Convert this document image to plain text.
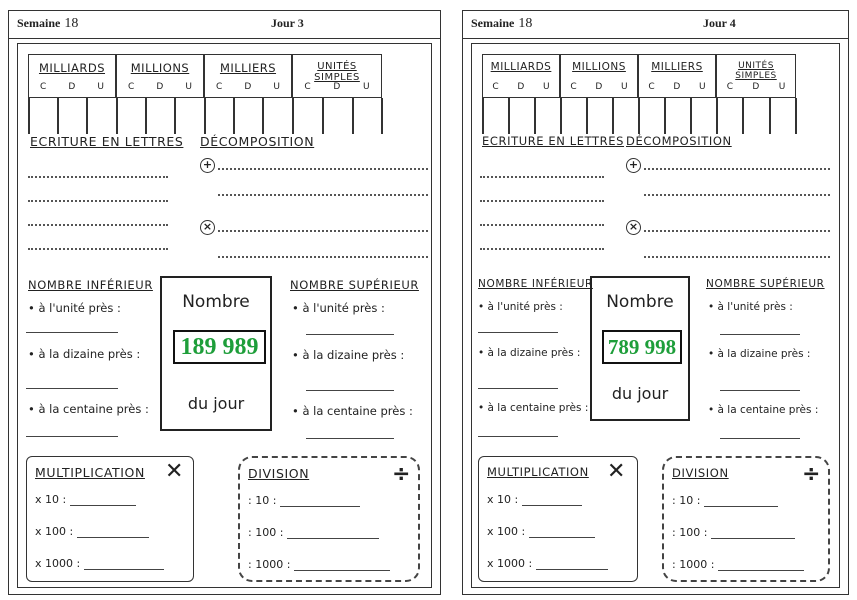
Semaine 18	Jour 3
MILLIARDS
C D U
MILLIONS
C D U
MILLIERS
C D U
UNITÉS SIMPLES
C	D	U
ECRITURE EN LETTRES DÉCOMPOSITION
+
×
NOMBRE INFÉRIEUR
• à l'unité près :
• à la dizaine près :
• à la centaine près :
Nombre
189 989
du jour
NOMBRE SUPÉRIEUR
• à l'unité près :
• à la dizaine près :
• à la centaine près :
MULTIPLICATION ✕
x 10 :
x 100 :
x 1000 :
DIVISION	÷
: 10 :
: 100 :
: 1000 :
Semaine 18	Jour 4
MILLIARDS
C D U
MILLIONS
C D U
MILLIERS
C D U
UNITÉS SIMPLES
C D U
ECRITURE EN LETTRES DÉCOMPOSITION
+
×
NOMBRE INFÉRIEUR
• à l'unité près :
• à la dizaine près :
• à la centaine près :
Nombre
789 998
du jour
NOMBRE SUPÉRIEUR
• à l'unité près :
• à la dizaine près :
• à la centaine près :
MULTIPLICATION ✕
x 10 :
x 100 :
x 1000 :
DIVISION	÷
: 10 :
: 100 :
: 1000 :
